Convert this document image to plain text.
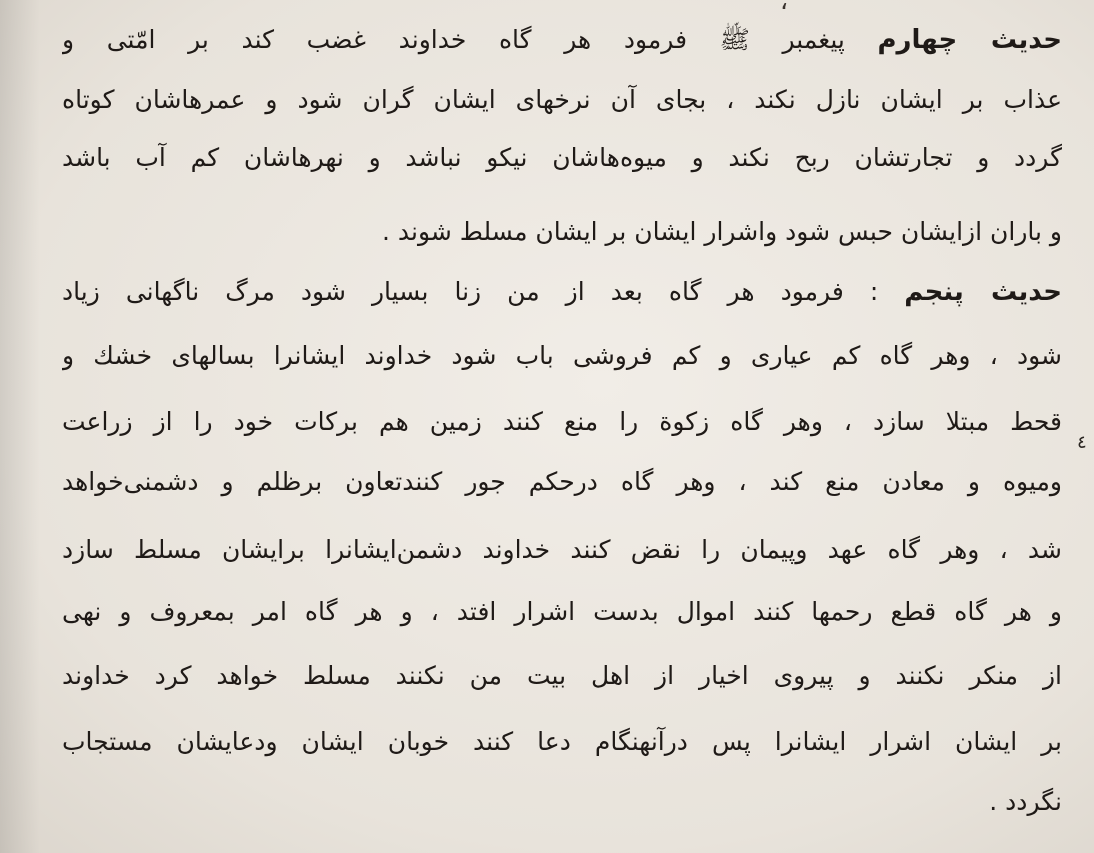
،
حدیث چهارم پیغمبر ﷺ فرمود هر گاه خداوند غضب کند بر امّتی و
عذاب بر ایشان نازل نکند ، بجای آن نرخهای ایشان گران شود و عمرهاشان کوتاه
گردد و تجارتشان ربح نکند و میوه‌هاشان نیکو نباشد و نهرهاشان کم آب باشد
و باران ازایشان حبس شود واشرار ایشان بر ایشان مسلط شوند .
حدیث پنجم : فرمود هر گاه بعد از من زنا بسیار شود مرگ ناگهانی زیاد
شود ، وهر گاه کم عیاری و کم فروشی باب شود خداوند ایشانرا بسالهای خشك و
قحط مبتلا سازد ، وهر گاه زکوة را منع کنند زمین هم برکات خود را از زراعت
ومیوه و معادن منع کند ، وهر گاه درحکم جور کنندتعاون برظلم و دشمنی‌خواهد
شد ، وهر گاه عهد وپیمان را نقض کنند خداوند دشمن‌ایشانرا برایشان مسلط سازد
و هر گاه قطع رحمها کنند اموال بدست اشرار افتد ، و هر گاه امر بمعروف و نهی
از منکر نکنند و پیروی اخیار از اهل بیت من نکنند مسلط خواهد کرد خداوند
بر ایشان اشرار ایشانرا پس درآنهنگام دعا کنند خوبان ایشان ودعایشان مستجاب
نگردد .
٤
